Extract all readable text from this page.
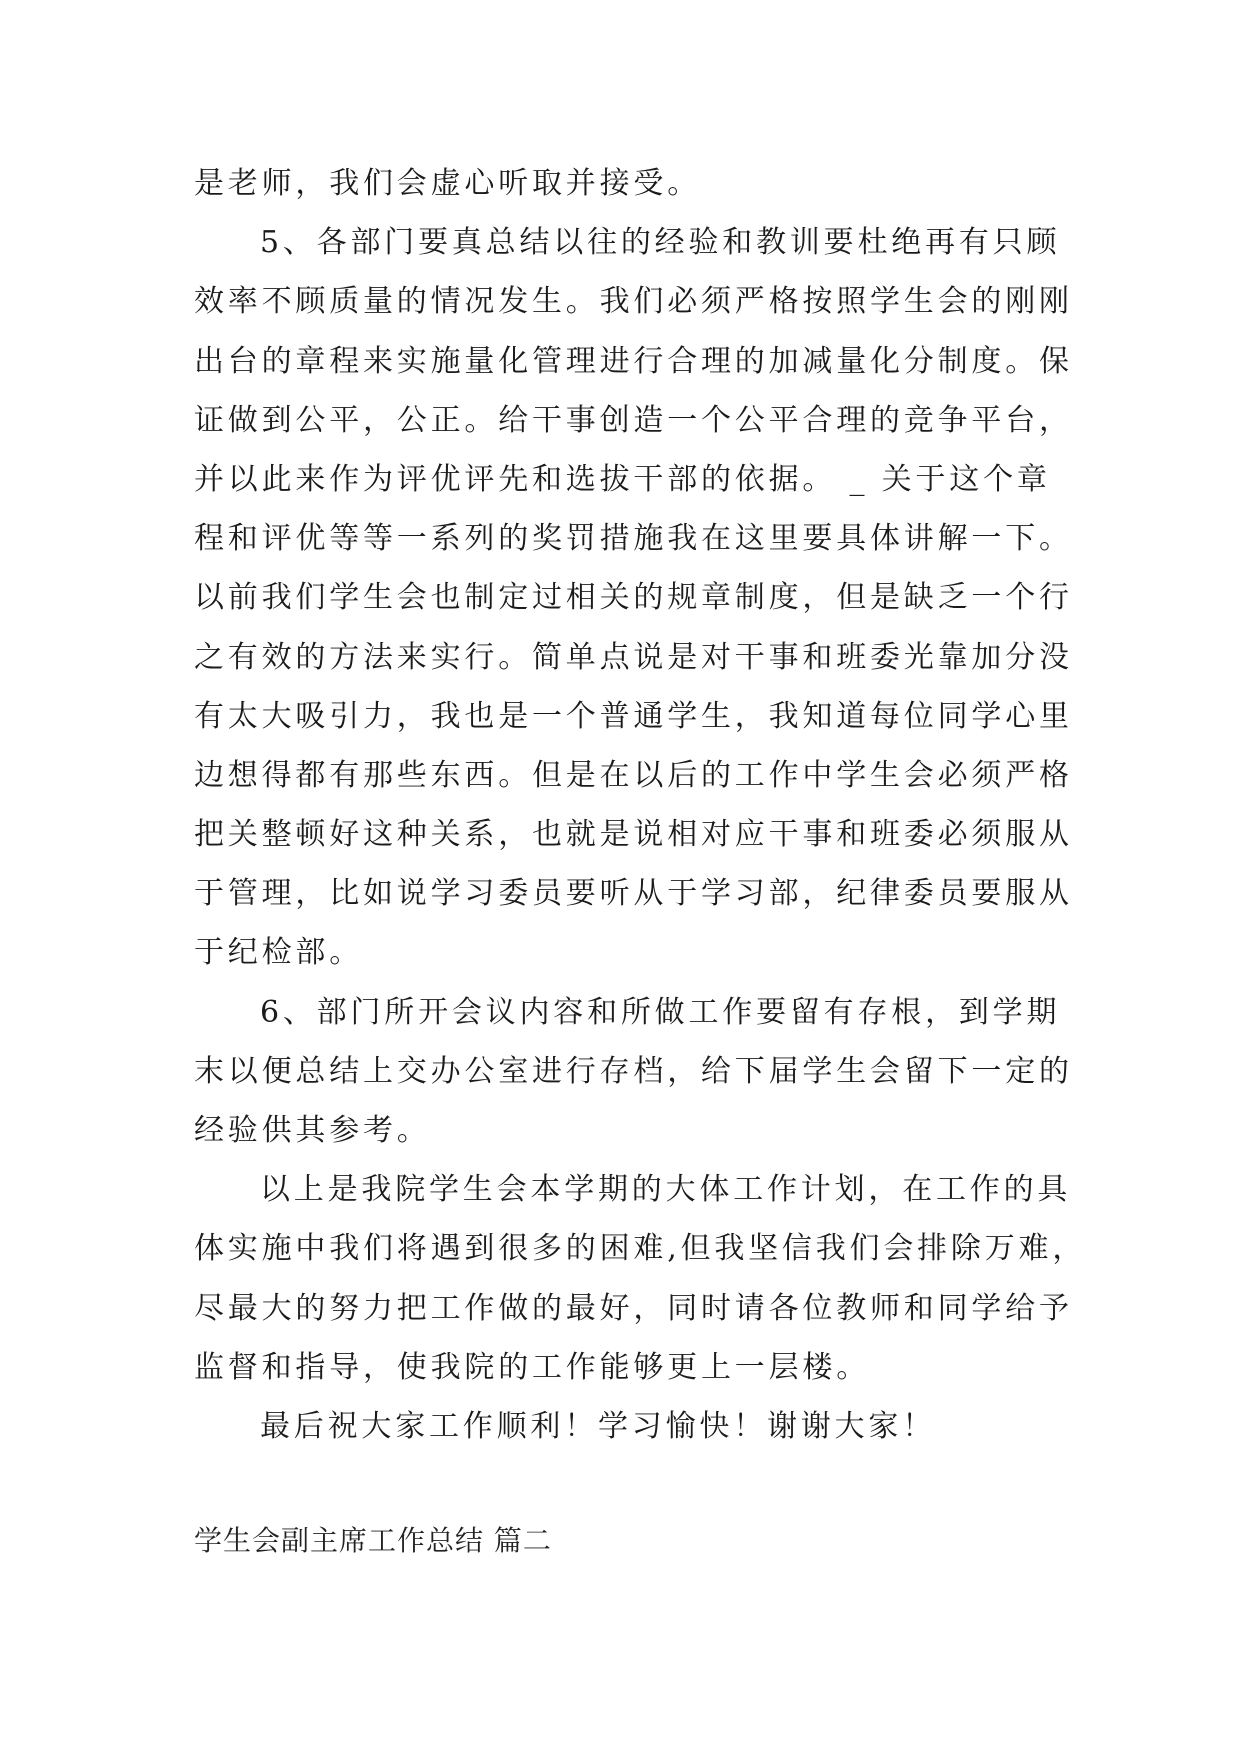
是老师，我们会虚心听取并接受。
5、各部门要真总结以往的经验和教训要杜绝再有只顾
效率不顾质量的情况发生。我们必须严格按照学生会的刚刚
出台的章程来实施量化管理进行合理的加减量化分制度。保
证做到公平，公正。给干事创造一个公平合理的竞争平台，
并以此来作为评优评先和选拔干部的依据。 _ 关于这个章
程和评优等等一系列的奖罚措施我在这里要具体讲解一下。
以前我们学生会也制定过相关的规章制度，但是缺乏一个行
之有效的方法来实行。简单点说是对干事和班委光靠加分没
有太大吸引力，我也是一个普通学生，我知道每位同学心里
边想得都有那些东西。但是在以后的工作中学生会必须严格
把关整顿好这种关系，也就是说相对应干事和班委必须服从
于管理，比如说学习委员要听从于学习部，纪律委员要服从
于纪检部。
6、部门所开会议内容和所做工作要留有存根，到学期
末以便总结上交办公室进行存档，给下届学生会留下一定的
经验供其参考。
以上是我院学生会本学期的大体工作计划，在工作的具
体实施中我们将遇到很多的困难,但我坚信我们会排除万难，
尽最大的努力把工作做的最好，同时请各位教师和同学给予
监督和指导，使我院的工作能够更上一层楼。
最后祝大家工作顺利！学习愉快！谢谢大家！
学生会副主席工作总结 篇二
